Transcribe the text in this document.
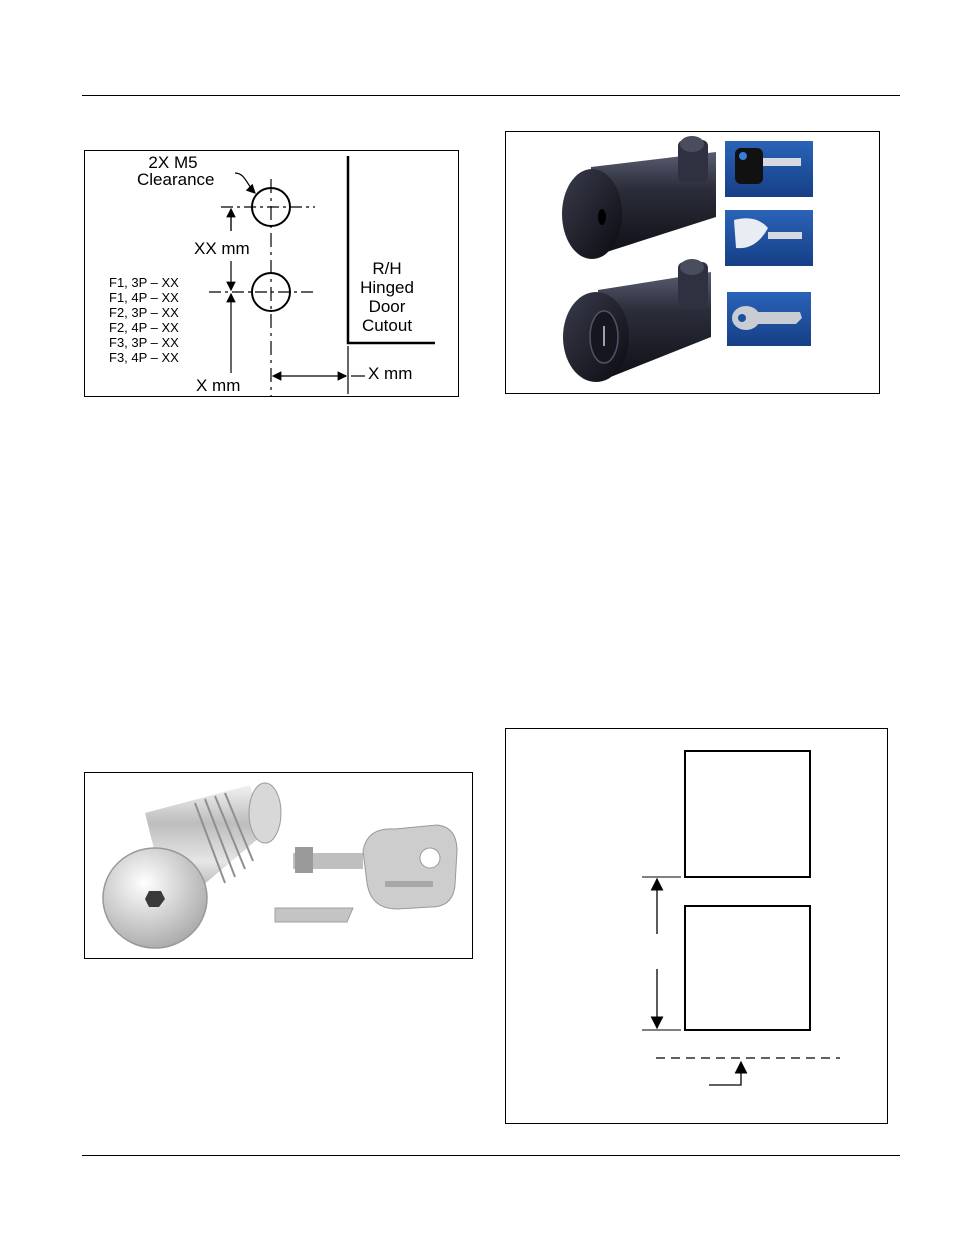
2X M5
Clearance
XX mm
F1, 3P – XX
F1, 4P – XX
F2, 3P – XX
F2, 4P – XX
F3, 3P – XX
F3, 4P – XX
R/H
Hinged
Door
Cutout
X mm
X mm
